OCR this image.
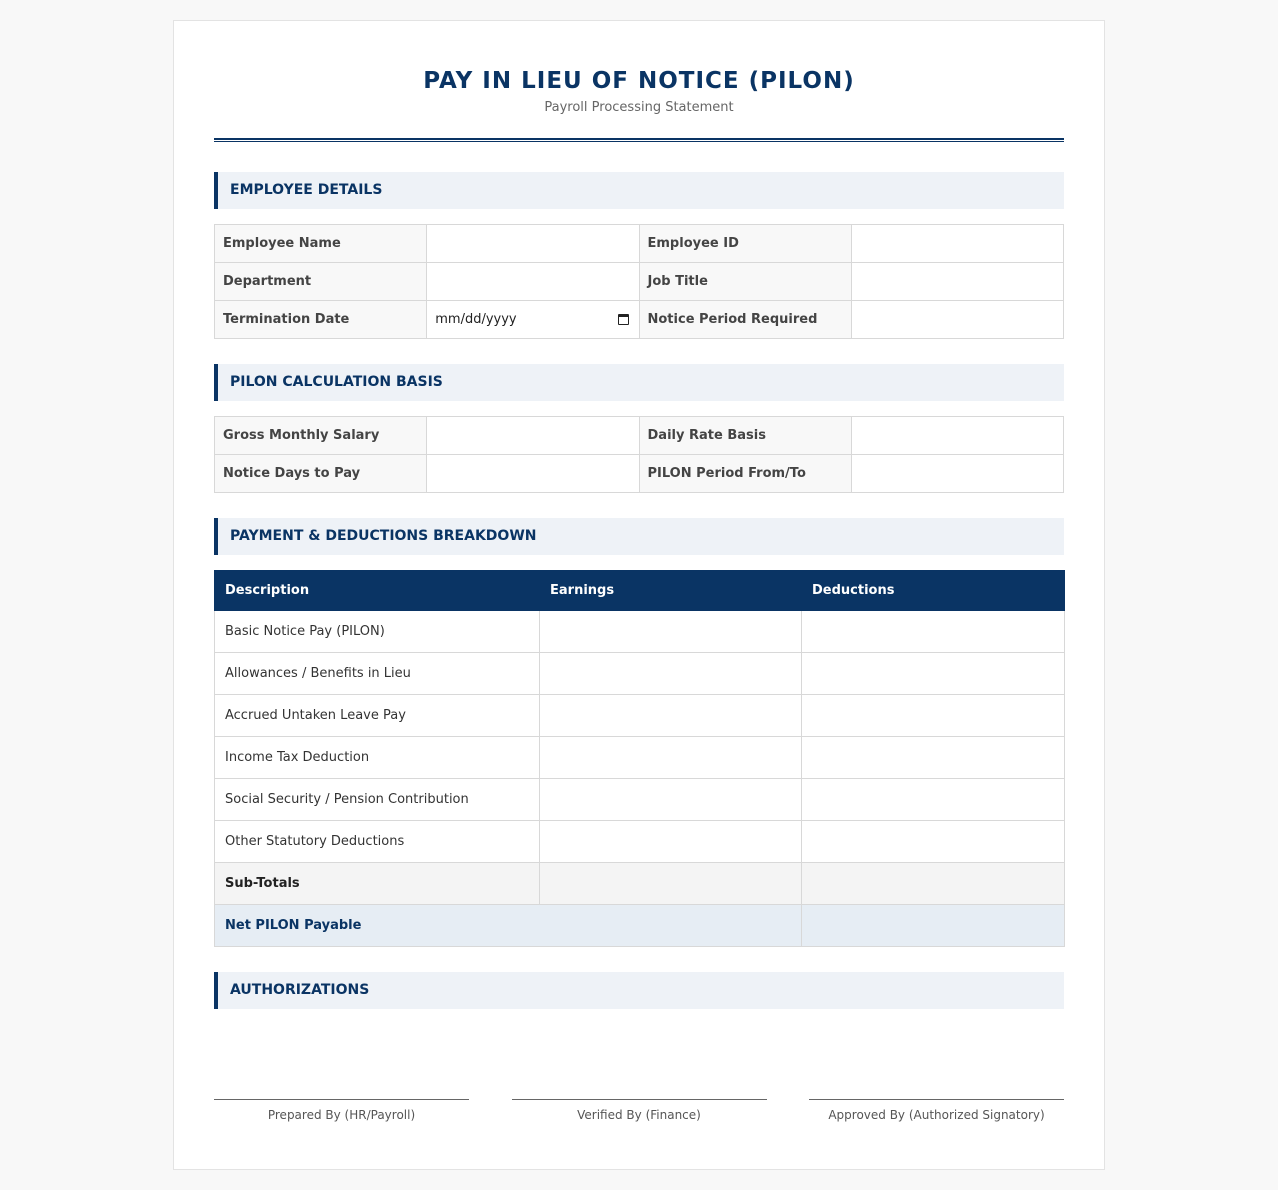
PAY IN LIEU OF NOTICE (PILON)
Payroll Processing Statement
EMPLOYEE DETAILS
Employee Name		Employee ID	
Department		Job Title	
Termination Date	mm/dd/yyyy	Notice Period Required	
PILON CALCULATION BASIS
Gross Monthly Salary		Daily Rate Basis	
Notice Days to Pay		PILON Period From/To	
PAYMENT & DEDUCTIONS BREAKDOWN
Description	Earnings	Deductions
Basic Notice Pay (PILON)		
Allowances / Benefits in Lieu		
Accrued Untaken Leave Pay		
Income Tax Deduction		
Social Security / Pension Contribution		
Other Statutory Deductions		
Sub-Totals		
Net PILON Payable		
AUTHORIZATIONS
Prepared By (HR/Payroll)	Verified By (Finance)	Approved By (Authorized Signatory)
